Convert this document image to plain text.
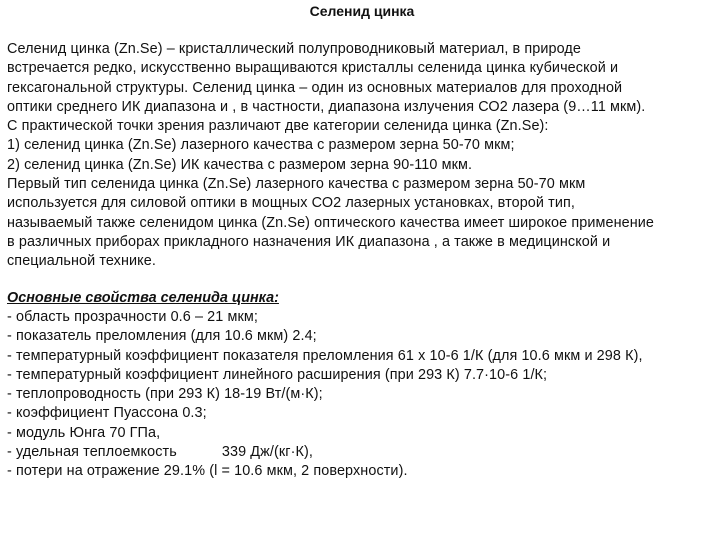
Селенид цинка
Селенид цинка (Zn.Se) – кристаллический полупроводниковый материал, в природе
встречается редко, искусственно выращиваются кристаллы селенида цинка кубической и
гексагональной структуры. Селенид цинка – один из основных материалов для проходной
оптики среднего ИК диапазона и , в частности, диапазона излучения СО2 лазера (9…11 мкм).
С практической точки зрения различают две категории селенида цинка (Zn.Se):
1) селенид цинка (Zn.Se) лазерного качества с размером зерна 50-70 мкм;
2) селенид цинка (Zn.Se) ИК качества с размером зерна 90-110 мкм.
Первый тип селенида цинка (Zn.Se) лазерного качества с размером зерна 50-70 мкм
используется для силовой оптики в мощных СО2 лазерных установках, второй тип,
называемый также селенидом цинка (Zn.Se) оптического качества имеет широкое применение
в различных приборах прикладного назначения ИК диапазона , а также в медицинской и
специальной технике.

Основные свойства селенида цинка:

- область прозрачности 0.6 – 21 мкм;
- показатель преломления (для 10.6 мкм) 2.4;
- температурный коэффициент показателя преломления 61 х 10-6 1/К (для 10.6 мкм и 298 К),
- температурный коэффициент линейного расширения (при 293 К) 7.7·10-6 1/К;
- теплопроводность (при 293 К) 18-19 Вт/(м·К);
- коэффициент Пуассона 0.3;
- модуль Юнга 70 ГПа,
- удельная теплоемкость           339 Дж/(кг·К),
- потери на отражение 29.1% (l = 10.6 мкм, 2 поверхности).
